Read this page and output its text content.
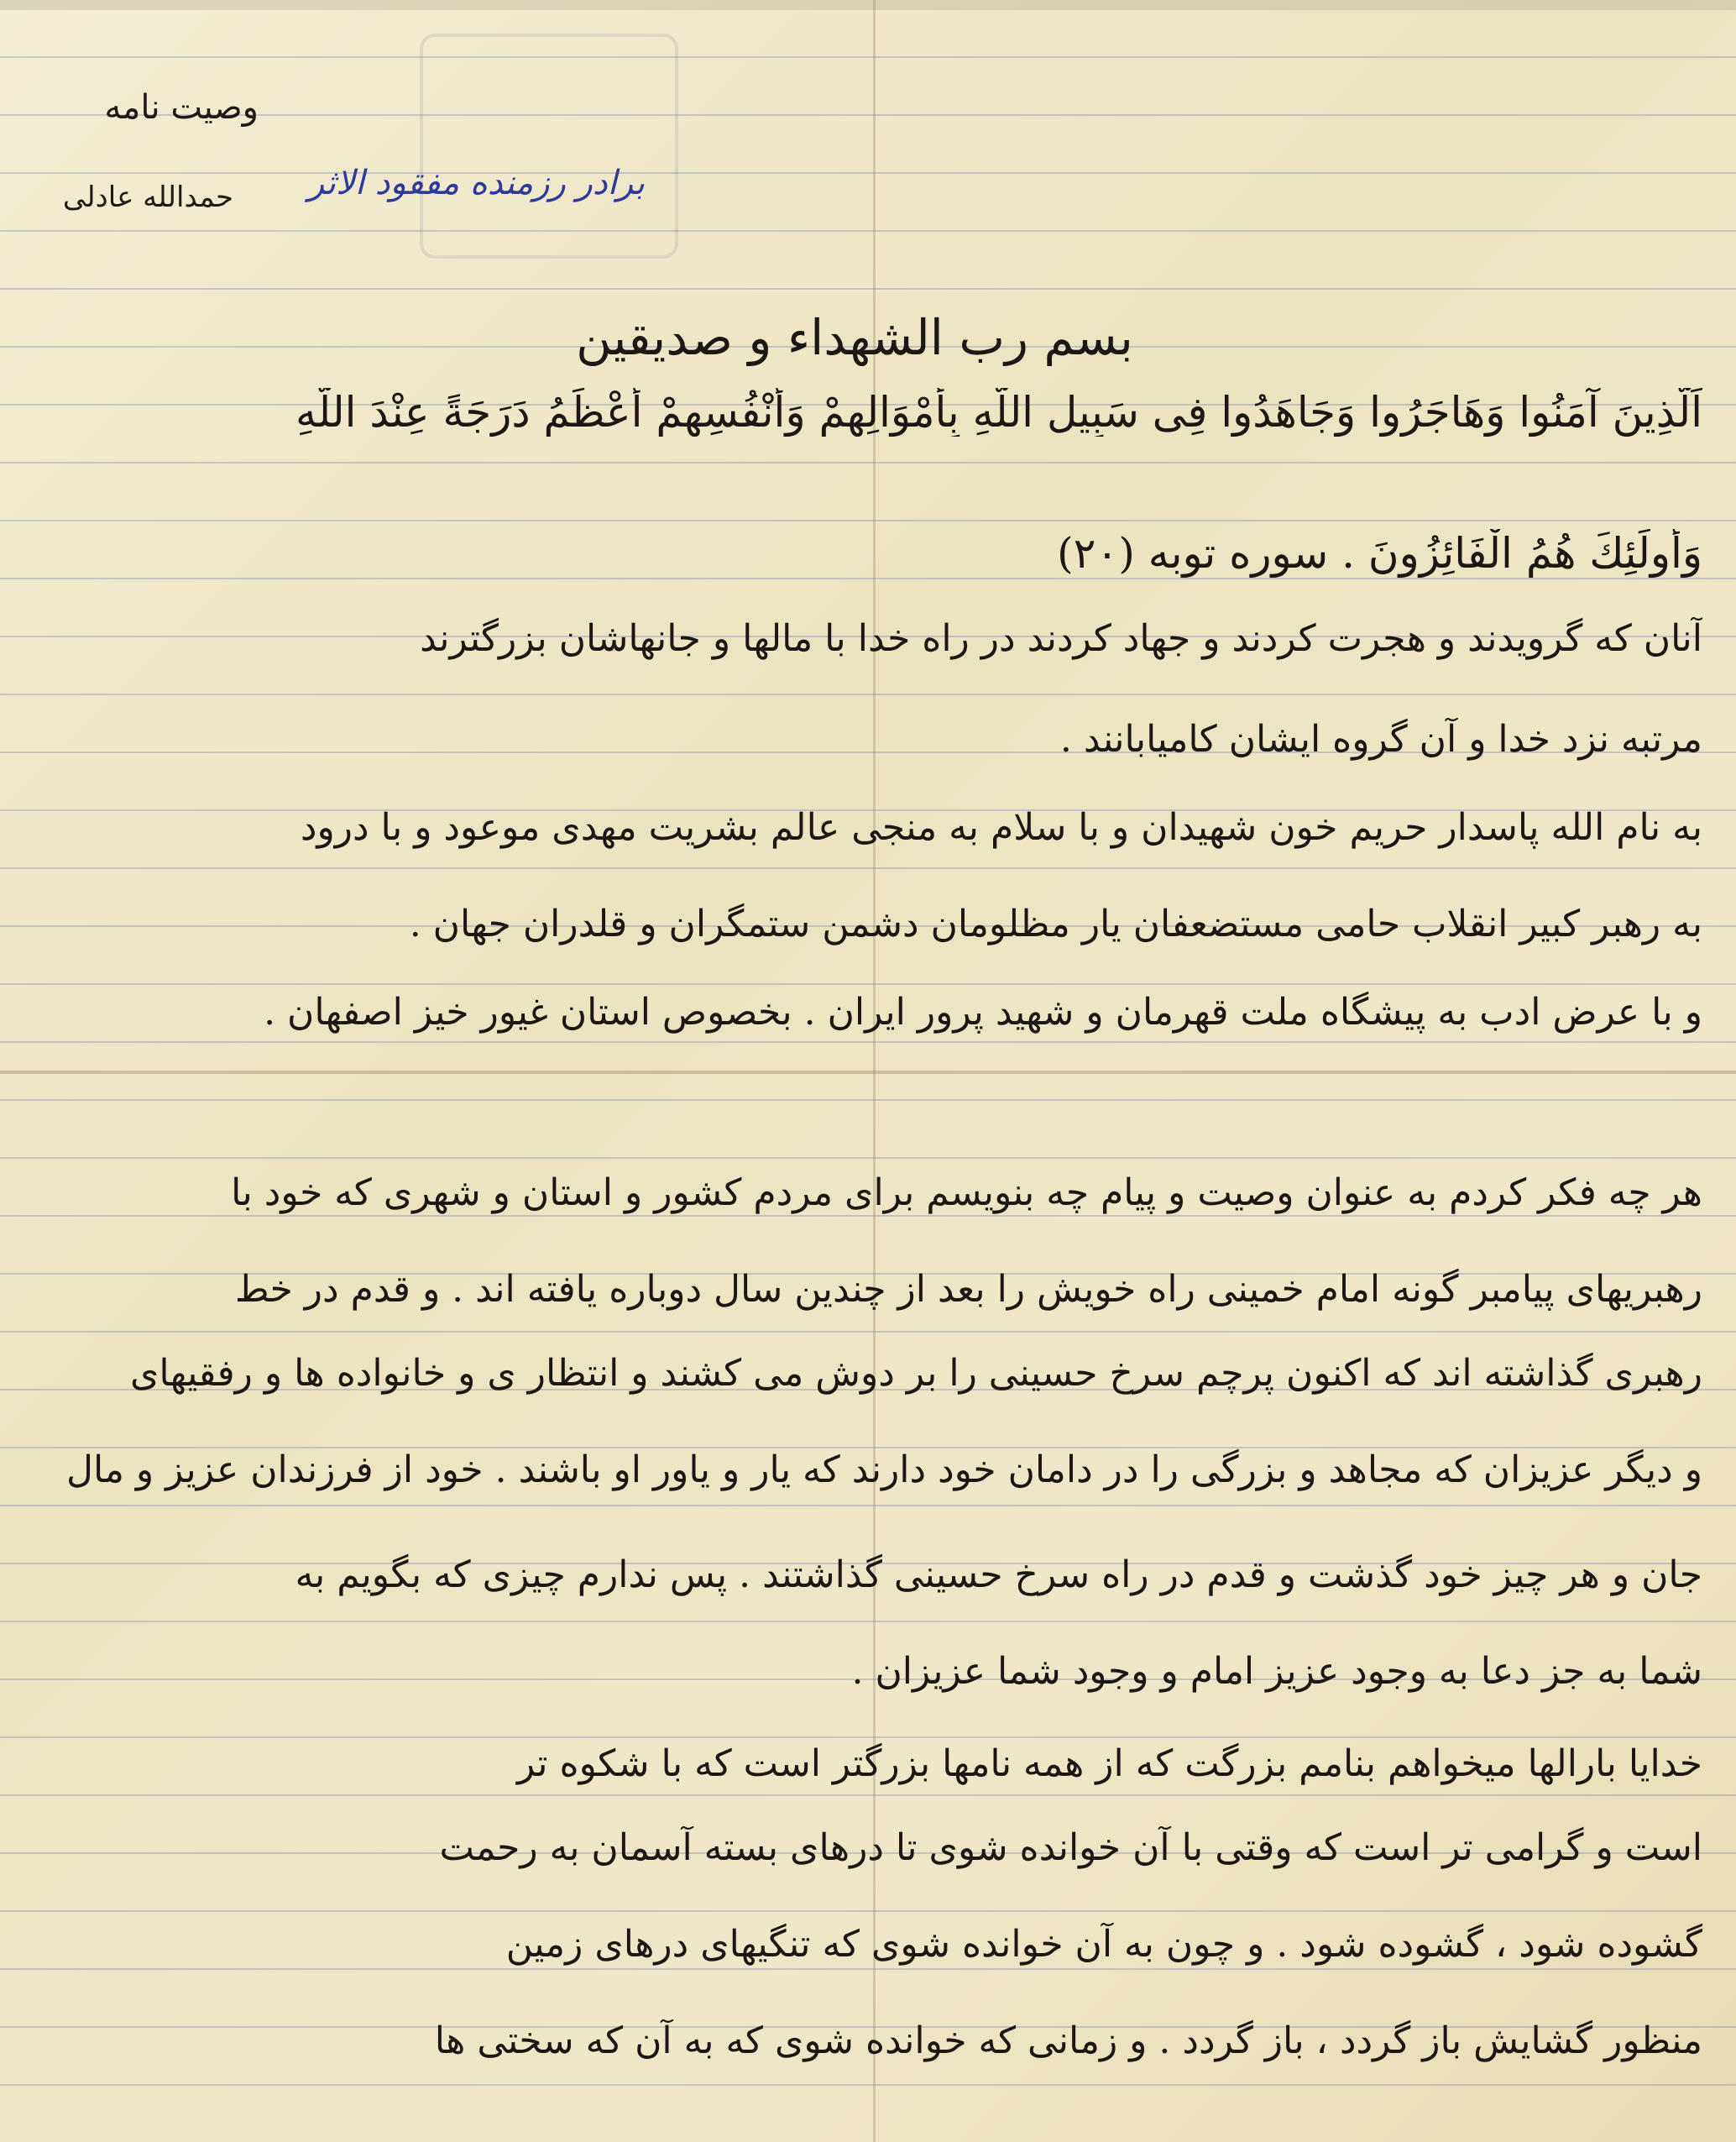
وصیت نامه
برادر رزمنده مفقود الاثر
حمدالله عادلی
بسم رب الشهداء و صدیقین
اَلَّذِینَ آمَنُوا وَهَاجَرُوا وَجَاهَدُوا فِی سَبِیلِ اللَّهِ بِأَمْوَالِهِمْ وَأَنْفُسِهِمْ أَعْظَمُ دَرَجَةً عِنْدَ اللَّهِ
وَأُولَئِكَ هُمُ الْفَائِزُونَ . سوره توبه (۲۰)
آنان که گرویدند و هجرت کردند و جهاد کردند در راه خدا با مالها و جانهاشان بزرگترند
مرتبه نزد خدا و آن گروه ایشان کامیابانند .
به نام الله پاسدار حریم خون شهیدان و با سلام به منجی عالم بشریت مهدی موعود و با درود
به رهبر کبیر انقلاب حامی مستضعفان یار مظلومان دشمن ستمگران و قلدران جهان .
و با عرض ادب به پیشگاه ملت قهرمان و شهید پرور ایران . بخصوص استان غیور خیز اصفهان .
هر چه فکر کردم به عنوان وصیت و پیام چه بنویسم برای مردم کشور و استان و شهری که خود با
رهبریهای پیامبر گونه امام خمینی راه خویش را بعد از چندین سال دوباره یافته اند . و قدم در خط
رهبری گذاشته اند که اکنون پرچم سرخ حسینی را بر دوش می کشند و انتظار ی و خانواده ها و رفقیهای
و دیگر عزیزان که مجاهد و بزرگی را در دامان خود دارند که یار و یاور او باشند . خود از فرزندان عزیز و مال
جان و هر چیز خود گذشت و قدم در راه سرخ حسینی گذاشتند . پس ندارم چیزی که بگویم به
شما به جز دعا به وجود عزیز امام و وجود شما عزیزان .
خدایا بارالها میخواهم بنامم بزرگت که از همه نامها بزرگتر است که با شکوه تر
است و گرامی تر است که وقتی با آن خوانده شوی تا درهای بسته آسمان به رحمت
گشوده شود ، گشوده شود . و چون به آن خوانده شوی که تنگیهای درهای زمین
منظور گشایش باز گردد ، باز گردد . و زمانی که خوانده شوی که به آن که سختی ها
